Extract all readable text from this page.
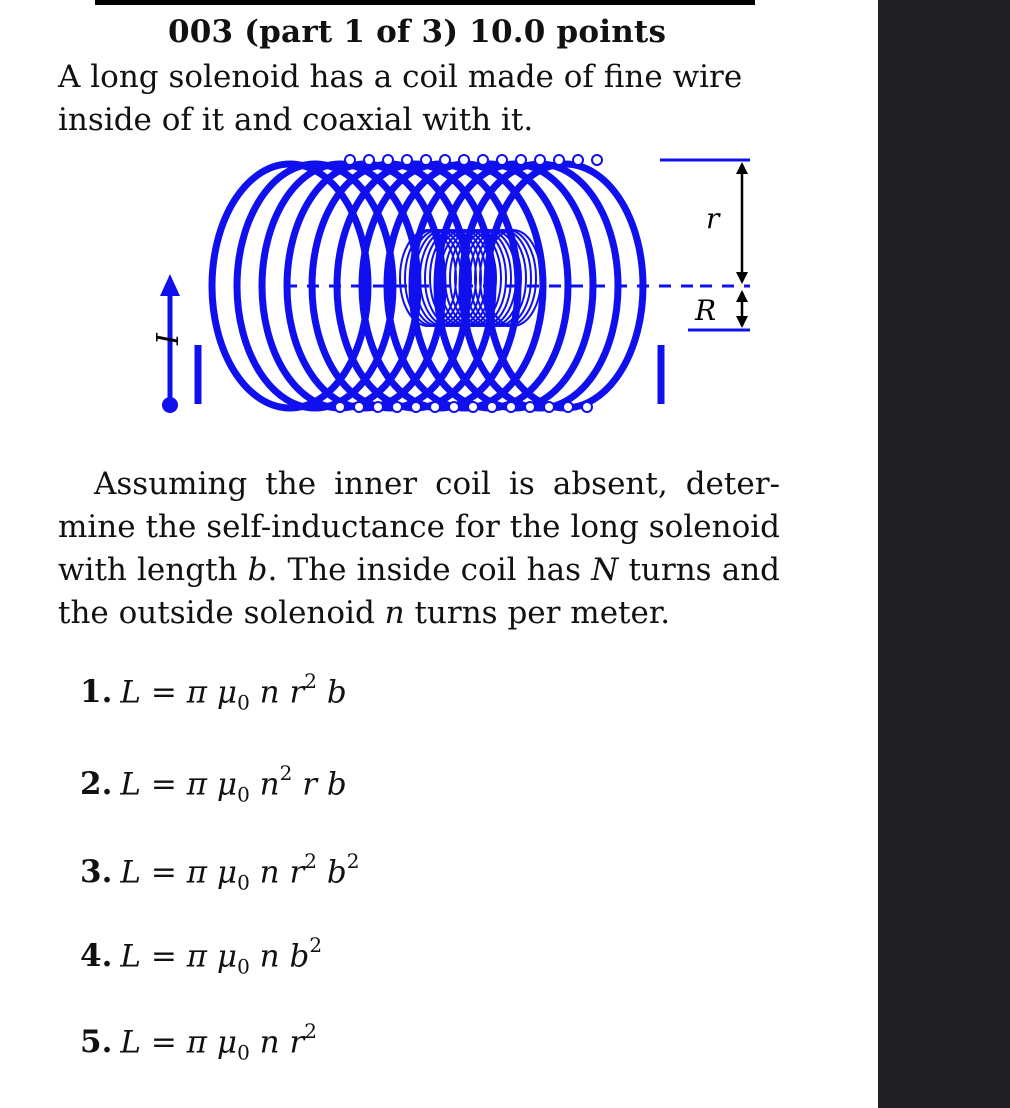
003 (part 1 of 3) 10.0 points
A long solenoid has a coil made of fine wire inside of it and coaxial with it.
I
r
R
Assuming the inner coil is absent, deter-mine the self-inductance for the long solenoid with length b. The inside coil has N turns and the outside solenoid n turns per meter.
1. L = π $\mu_0$ n $r^2$ b
2. L = π $\mu_0$ $n^2$ r b
3. L = π $\mu_0$ n $r^2$ $b^2$
4. L = π $\mu_0$ n $b^2$
5. L = π $\mu_0$ n $r^2$
